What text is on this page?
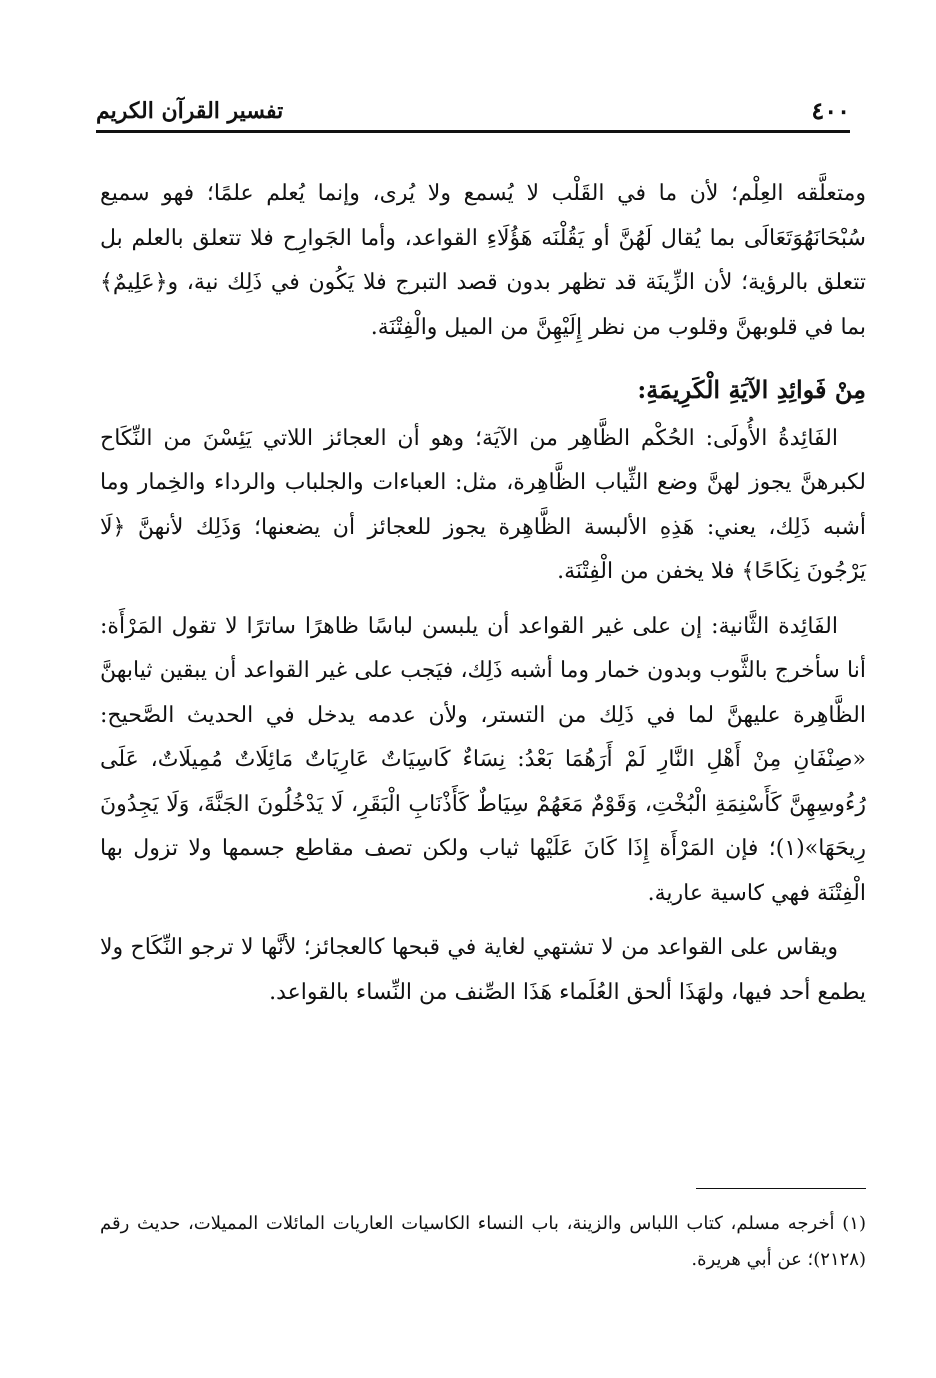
٤٠٠
تفسير القرآن الكريم

ومتعلَّقه العِلْم؛ لأن ما في القَلْب لا يُسمع ولا يُرى، وإنما يُعلم علمًا؛ فهو سميع سُبْحَانَهُوَتَعَالَى بما يُقال لَهُنَّ أو يَقُلْنَه هَؤُلَاءِ القواعد، وأما الجَوارِح فلا تتعلق بالعلم بل تتعلق بالرؤية؛ لأن الزِّينَة قد تظهر بدون قصد التبرج فلا يَكُون في ذَلِك نية، و﴿عَلِيمٌ﴾ بما في قلوبهنَّ وقلوب من نظر إِلَيْهِنَّ من الميل والْفِتْنَة.

مِنْ فَوائِدِ الآيَةِ الْكَرِيمَةِ:

الفَائِدةُ الأُولَى: الحُكْم الظَّاهِر من الآيَة؛ وهو أن العجائز اللاتي يَئِسْنَ من النِّكَاح لكبرهنَّ يجوز لهنَّ وضع الثِّياب الظَّاهِرة، مثل: العباءات والجلباب والرداء والخِمار وما أشبه ذَلِك، يعني: هَذِهِ الألبسة الظَّاهِرة يجوز للعجائز أن يضعنها؛ وَذَلِك لأنهنَّ ﴿لَا يَرْجُونَ نِكَاحًا﴾ فلا يخفن من الْفِتْنَة.

الفَائِدة الثَّانية: إن على غير القواعد أن يلبسن لباسًا ظاهرًا ساترًا لا تقول المَرْأَة: أنا سأخرج بالثَّوب وبدون خمار وما أشبه ذَلِك، فيَجب على غير القواعد أن يبقين ثيابهنَّ الظَّاهِرة عليهنَّ لما في ذَلِك من التستر، ولأن عدمه يدخل في الحديث الصَّحيح: «صِنْفَانِ مِنْ أَهْلِ النَّارِ لَمْ أَرَهُمَا بَعْدُ: نِسَاءٌ كَاسِيَاتٌ عَارِيَاتٌ مَائِلَاتٌ مُمِيلَاتٌ، عَلَى رُءُوسِهِنَّ كَأَسْنِمَةِ الْبُخْتِ، وَقَوْمٌ مَعَهُمْ سِيَاطٌ كَأَذْنَابِ الْبَقَرِ، لَا يَدْخُلُونَ الجَنَّةَ، وَلَا يَجِدُونَ رِيحَهَا»(١)؛ فإن المَرْأَة إِذَا كَانَ عَلَيْها ثياب ولكن تصف مقاطع جسمها ولا تزول بها الْفِتْنَة فهي كاسية عارية.

ويقاس على القواعد من لا تشتهي لغاية في قبحها كالعجائز؛ لأنَّها لا ترجو النِّكَاح ولا يطمع أحد فيها، ولهَذَا ألحق العُلَماء هَذَا الصِّنف من النِّساء بالقواعد.

(١) أخرجه مسلم، كتاب اللباس والزينة، باب النساء الكاسيات العاريات المائلات المميلات، حديث رقم (٢١٢٨)؛ عن أبي هريرة.
